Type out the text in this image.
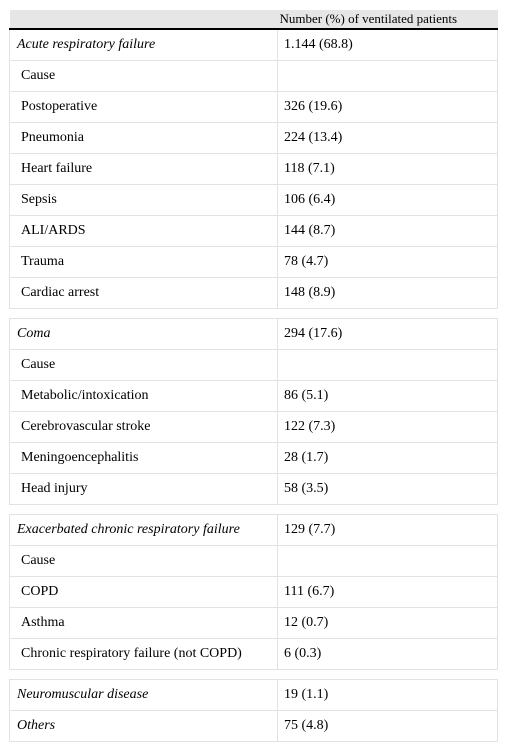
	Number (%) of ventilated patients
Acute respiratory failure	1.144 (68.8)
Cause	
Postoperative	326 (19.6)
Pneumonia	224 (13.4)
Heart failure	118 (7.1)
Sepsis	106 (6.4)
ALI/ARDS	144 (8.7)
Trauma	78 (4.7)
Cardiac arrest	148 (8.9)

Coma	294 (17.6)
Cause	
Metabolic/intoxication	86 (5.1)
Cerebrovascular stroke	122 (7.3)
Meningoencephalitis	28 (1.7)
Head injury	58 (3.5)

Exacerbated chronic respiratory failure	129 (7.7)
Cause	
COPD	111 (6.7)
Asthma	12 (0.7)
Chronic respiratory failure (not COPD)	6 (0.3)

Neuromuscular disease	19 (1.1)
Others	75 (4.8)
